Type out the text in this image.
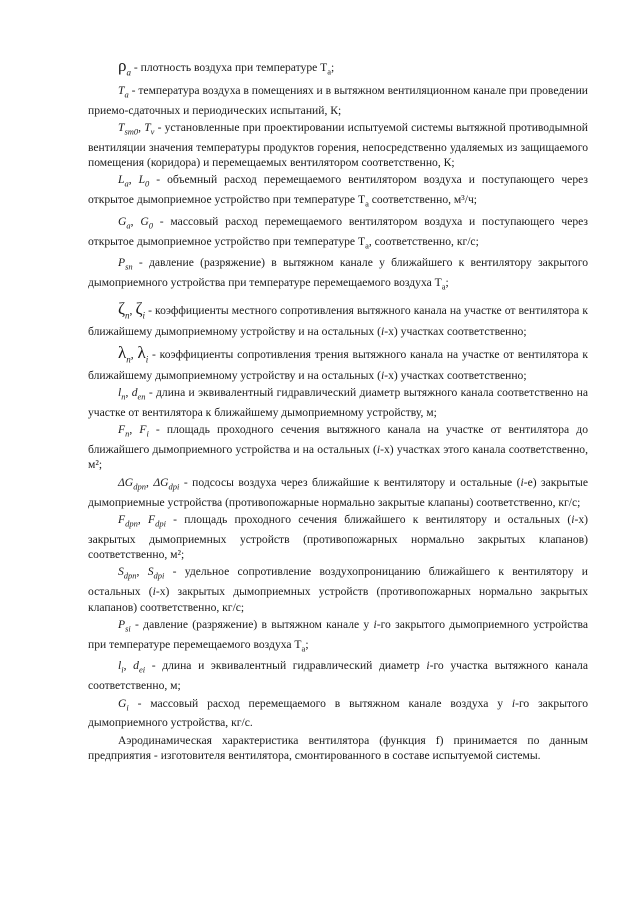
$\rho_a$ - плотность воздуха при температуре $T_a$;

$T_a$ - температура воздуха в помещениях и в вытяжном вентиляционном канале при проведении приемо-сдаточных и периодических испытаний, К;

$T_{sm0}$, $T_v$ - установленные при проектировании испытуемой системы вытяжной противодымной вентиляции значения температуры продуктов горения, непосредственно удаляемых из защищаемого помещения (коридора) и перемещаемых вентилятором соответственно, К;

$L_a$, $L_0$ - объемный расход перемещаемого вентилятором воздуха и поступающего через открытое дымоприемное устройство при температуре $T_a$ соответственно, м³/ч;

$G_a$, $G_0$ - массовый расход перемещаемого вентилятором воздуха и поступающего через открытое дымоприемное устройство при температуре $T_a$, соответственно, кг/с;

$P_{sn}$ - давление (разряжение) в вытяжном канале у ближайшего к вентилятору закрытого дымоприемного устройства при температуре перемещаемого воздуха $T_a$;

$\zeta_n$, $\zeta_i$ - коэффициенты местного сопротивления вытяжного канала на участке от вентилятора к ближайшему дымоприемному устройству и на остальных (i-х) участках соответственно;

$\lambda_n$, $\lambda_i$ - коэффициенты сопротивления трения вытяжного канала на участке от вентилятора к ближайшему дымоприемному устройству и на остальных (i-х) участках соответственно;

$l_n$, $d_{en}$ - длина и эквивалентный гидравлический диаметр вытяжного канала соответственно на участке от вентилятора к ближайшему дымоприемному устройству, м;

$F_n$, $F_i$ - площадь проходного сечения вытяжного канала на участке от вентилятора до ближайшего дымоприемного устройства и на остальных (i-х) участках этого канала соответственно, м²;

$\Delta G_{dpn}$, $\Delta G_{dpi}$ - подсосы воздуха через ближайшие к вентилятору и остальные (i-е) закрытые дымоприемные устройства (противопожарные нормально закрытые клапаны) соответственно, кг/с;

$F_{dpn}$, $F_{dpi}$ - площадь проходного сечения ближайшего к вентилятору и остальных (i-х) закрытых дымоприемных устройств (противопожарных нормально закрытых клапанов) соответственно, м²;

$S_{dpn}$, $S_{dpi}$ - удельное сопротивление воздухопроницанию ближайшего к вентилятору и остальных (i-х) закрытых дымоприемных устройств (противопожарных нормально закрытых клапанов) соответственно, кг/с;

$P_{si}$ - давление (разряжение) в вытяжном канале у i-го закрытого дымоприемного устройства при температуре перемещаемого воздуха $T_a$;

$l_i$, $d_{ei}$ - длина и эквивалентный гидравлический диаметр i-го участка вытяжного канала соответственно, м;

$G_i$ - массовый расход перемещаемого в вытяжном канале воздуха у i-го закрытого дымоприемного устройства, кг/с.

Аэродинамическая характеристика вентилятора (функция f) принимается по данным предприятия - изготовителя вентилятора, смонтированного в составе испытуемой системы.
